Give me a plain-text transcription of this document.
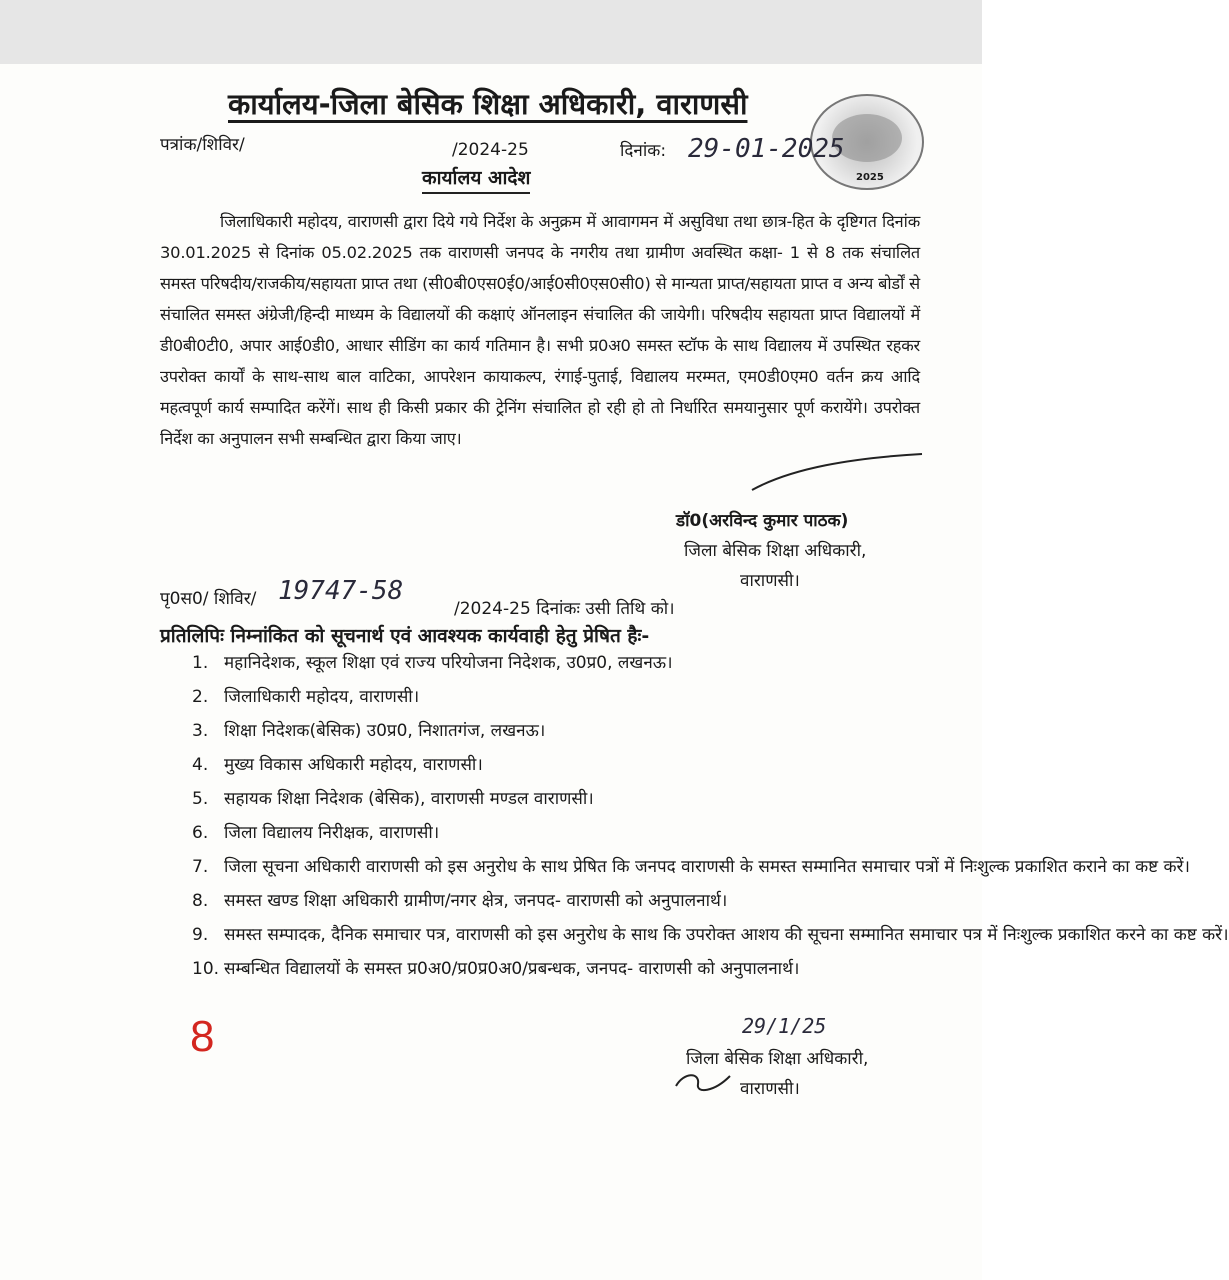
कार्यालय-जिला बेसिक शिक्षा अधिकारी, वाराणसी
2025
पत्रांक/शिविर/	/2024-25	दिनांक: 29-01-2025
कार्यालय आदेश
जिलाधिकारी महोदय, वाराणसी द्वारा दिये गये निर्देश के अनुक्रम में आवागमन में असुविधा तथा छात्र-हित के दृष्टिगत दिनांक 30.01.2025 से दिनांक 05.02.2025 तक वाराणसी जनपद के नगरीय तथा ग्रामीण अवस्थित कक्षा- 1 से 8 तक संचालित समस्त परिषदीय/राजकीय/सहायता प्राप्त तथा (सी0बी0एस0ई0/आई0सी0एस0सी0) से मान्यता प्राप्त/सहायता प्राप्त व अन्य बोर्डों से संचालित समस्त अंग्रेजी/हिन्दी माध्यम के विद्यालयों की कक्षाएं ऑनलाइन संचालित की जायेगी। परिषदीय सहायता प्राप्त विद्यालयों में डी0बी0टी0, अपार आई0डी0, आधार सीडिंग का कार्य गतिमान है। सभी प्र0अ0 समस्त स्टॉफ के साथ विद्यालय में उपस्थित रहकर उपरोक्त कार्यों के साथ-साथ बाल वाटिका, आपरेशन कायाकल्प, रंगाई-पुताई, विद्यालय मरम्मत, एम0डी0एम0 वर्तन क्रय आदि महत्वपूर्ण कार्य सम्पादित करेंगें। साथ ही किसी प्रकार की ट्रेनिंग संचालित हो रही हो तो निर्धारित समयानुसार पूर्ण करायेंगे। उपरोक्त निर्देश का अनुपालन सभी सम्बन्धित द्वारा किया जाए।
डॉ0(अरविन्द कुमार पाठक)
जिला बेसिक शिक्षा अधिकारी,
वाराणसी।
पृ0स0/ शिविर/ 19747-58
/2024-25 दिनांकः उसी तिथि को।
प्रतिलिपिः निम्नांकित को सूचनार्थ एवं आवश्यक कार्यवाही हेतु प्रेषित हैः-
1. महानिदेशक, स्कूल शिक्षा एवं राज्य परियोजना निदेशक, उ0प्र0, लखनऊ।
2. जिलाधिकारी महोदय, वाराणसी।
3. शिक्षा निदेशक(बेसिक) उ0प्र0, निशातगंज, लखनऊ।
4. मुख्य विकास अधिकारी महोदय, वाराणसी।
5. सहायक शिक्षा निदेशक (बेसिक), वाराणसी मण्डल वाराणसी।
6. जिला विद्यालय निरीक्षक, वाराणसी।
7. जिला सूचना अधिकारी वाराणसी को इस अनुरोध के साथ प्रेषित कि जनपद वाराणसी के समस्त सम्मानित समाचार पत्रों में निःशुल्क प्रकाशित कराने का कष्ट करें।
8. समस्त खण्ड शिक्षा अधिकारी ग्रामीण/नगर क्षेत्र, जनपद- वाराणसी को अनुपालनार्थ।
9. समस्त सम्पादक, दैनिक समाचार पत्र, वाराणसी को इस अनुरोध के साथ कि उपरोक्त आशय की सूचना सम्मानित समाचार पत्र में निःशुल्क प्रकाशित करने का कष्ट करें।
10. सम्बन्धित विद्यालयों के समस्त प्र0अ0/प्र0प्र0अ0/प्रबन्धक, जनपद- वाराणसी को अनुपालनार्थ।
8	29/1/25
जिला बेसिक शिक्षा अधिकारी,
वाराणसी।
